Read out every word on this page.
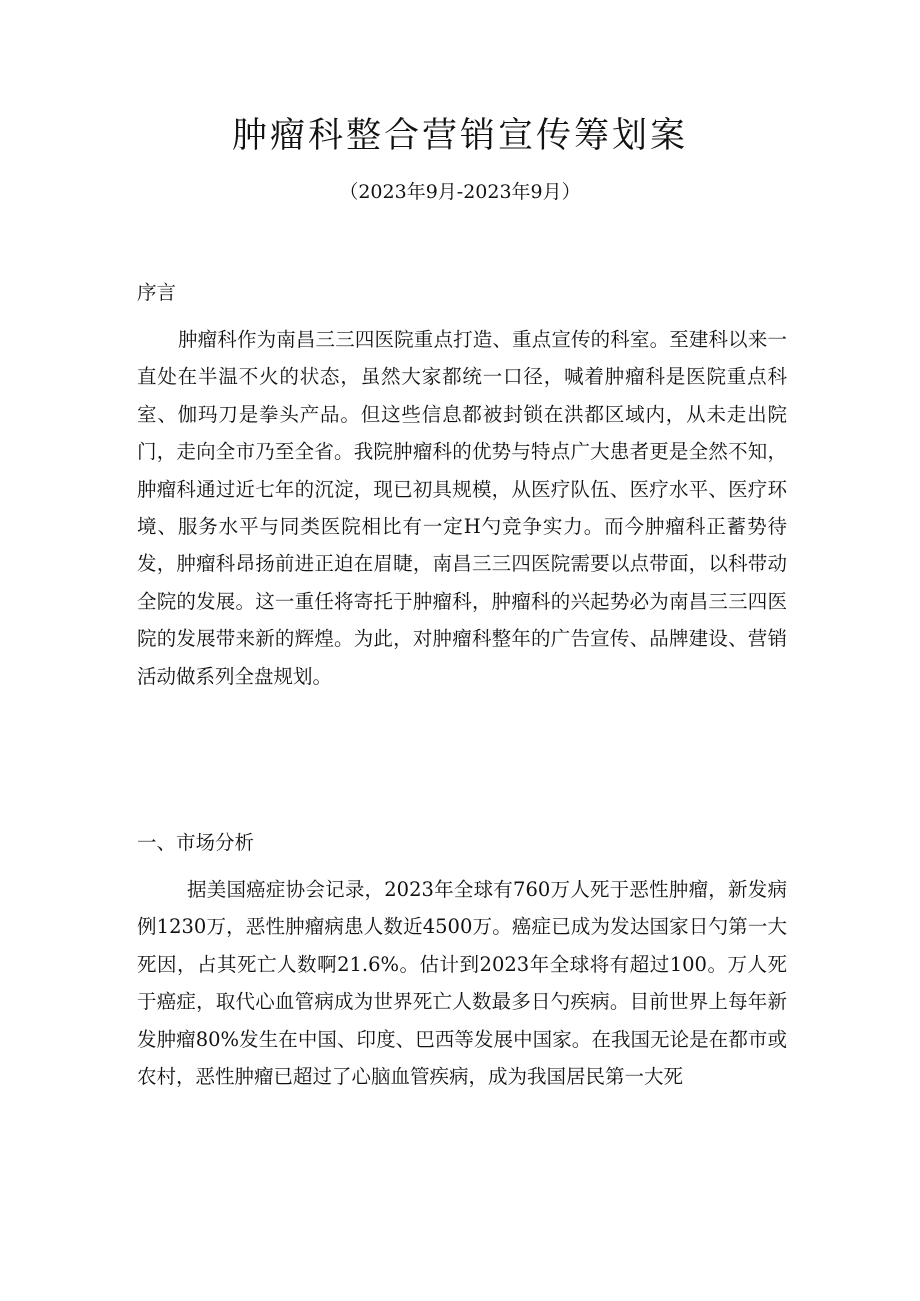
肿瘤科整合营销宣传筹划案

（2023年9月-2023年9月）

序言

肿瘤科作为南昌三三四医院重点打造、重点宣传的科室。至建科以来一直处在半温不火的状态，虽然大家都统一口径，喊着肿瘤科是医院重点科室、伽玛刀是拳头产品。但这些信息都被封锁在洪都区域内，从未走出院门，走向全市乃至全省。我院肿瘤科的优势与特点广大患者更是全然不知，肿瘤科通过近七年的沉淀，现已初具规模，从医疗队伍、医疗水平、医疗环境、服务水平与同类医院相比有一定H勺竞争实力。而今肿瘤科正蓄势待发，肿瘤科昂扬前进正迫在眉睫，南昌三三四医院需要以点带面，以科带动全院的发展。这一重任将寄托于肿瘤科，肿瘤科的兴起势必为南昌三三四医院的发展带来新的辉煌。为此，对肿瘤科整年的广告宣传、品牌建设、营销活动做系列全盘规划。

一、市场分析

据美国癌症协会记录，2023年全球有760万人死于恶性肿瘤，新发病例1230万，恶性肿瘤病患人数近4500万。癌症已成为发达国家日勺第一大死因，占其死亡人数啊21.6%。估计到2023年全球将有超过100。万人死于癌症，取代心血管病成为世界死亡人数最多日勺疾病。目前世界上每年新发肿瘤80%发生在中国、印度、巴西等发展中国家。在我国无论是在都市或农村，恶性肿瘤已超过了心脑血管疾病，成为我国居民第一大死
